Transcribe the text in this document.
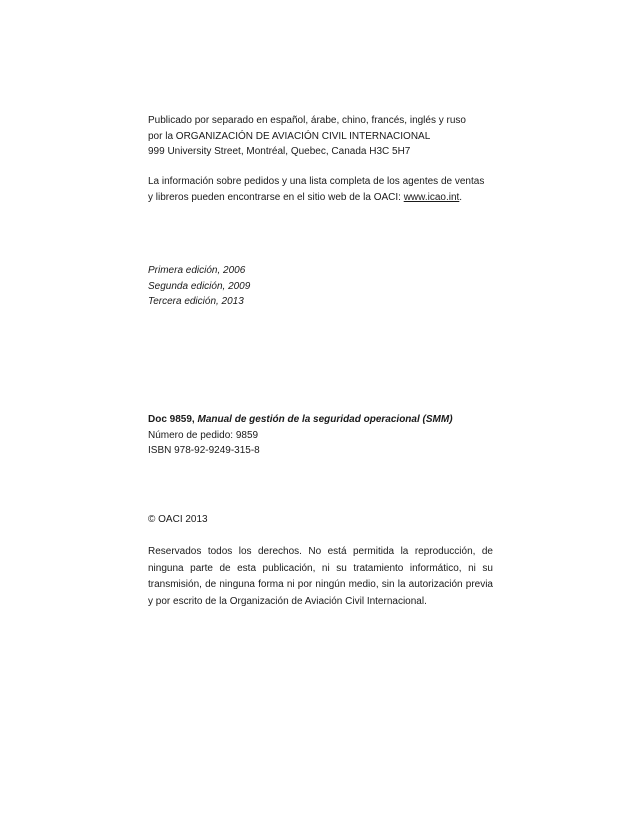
Publicado por separado en español, árabe, chino, francés, inglés y ruso
por la ORGANIZACIÓN DE AVIACIÓN CIVIL INTERNACIONAL
999 University Street, Montréal, Quebec, Canada H3C 5H7
La información sobre pedidos y una lista completa de los agentes de ventas
y libreros pueden encontrarse en el sitio web de la OACI: www.icao.int.
Primera edición, 2006
Segunda edición, 2009
Tercera edición, 2013
Doc 9859, Manual de gestión de la seguridad operacional (SMM)
Número de pedido: 9859
ISBN 978-92-9249-315-8
© OACI 2013
Reservados todos los derechos. No está permitida la reproducción, de ninguna parte de esta publicación, ni su tratamiento informático, ni su transmisión, de ninguna forma ni por ningún medio, sin la autorización previa y por escrito de la Organización de Aviación Civil Internacional.
